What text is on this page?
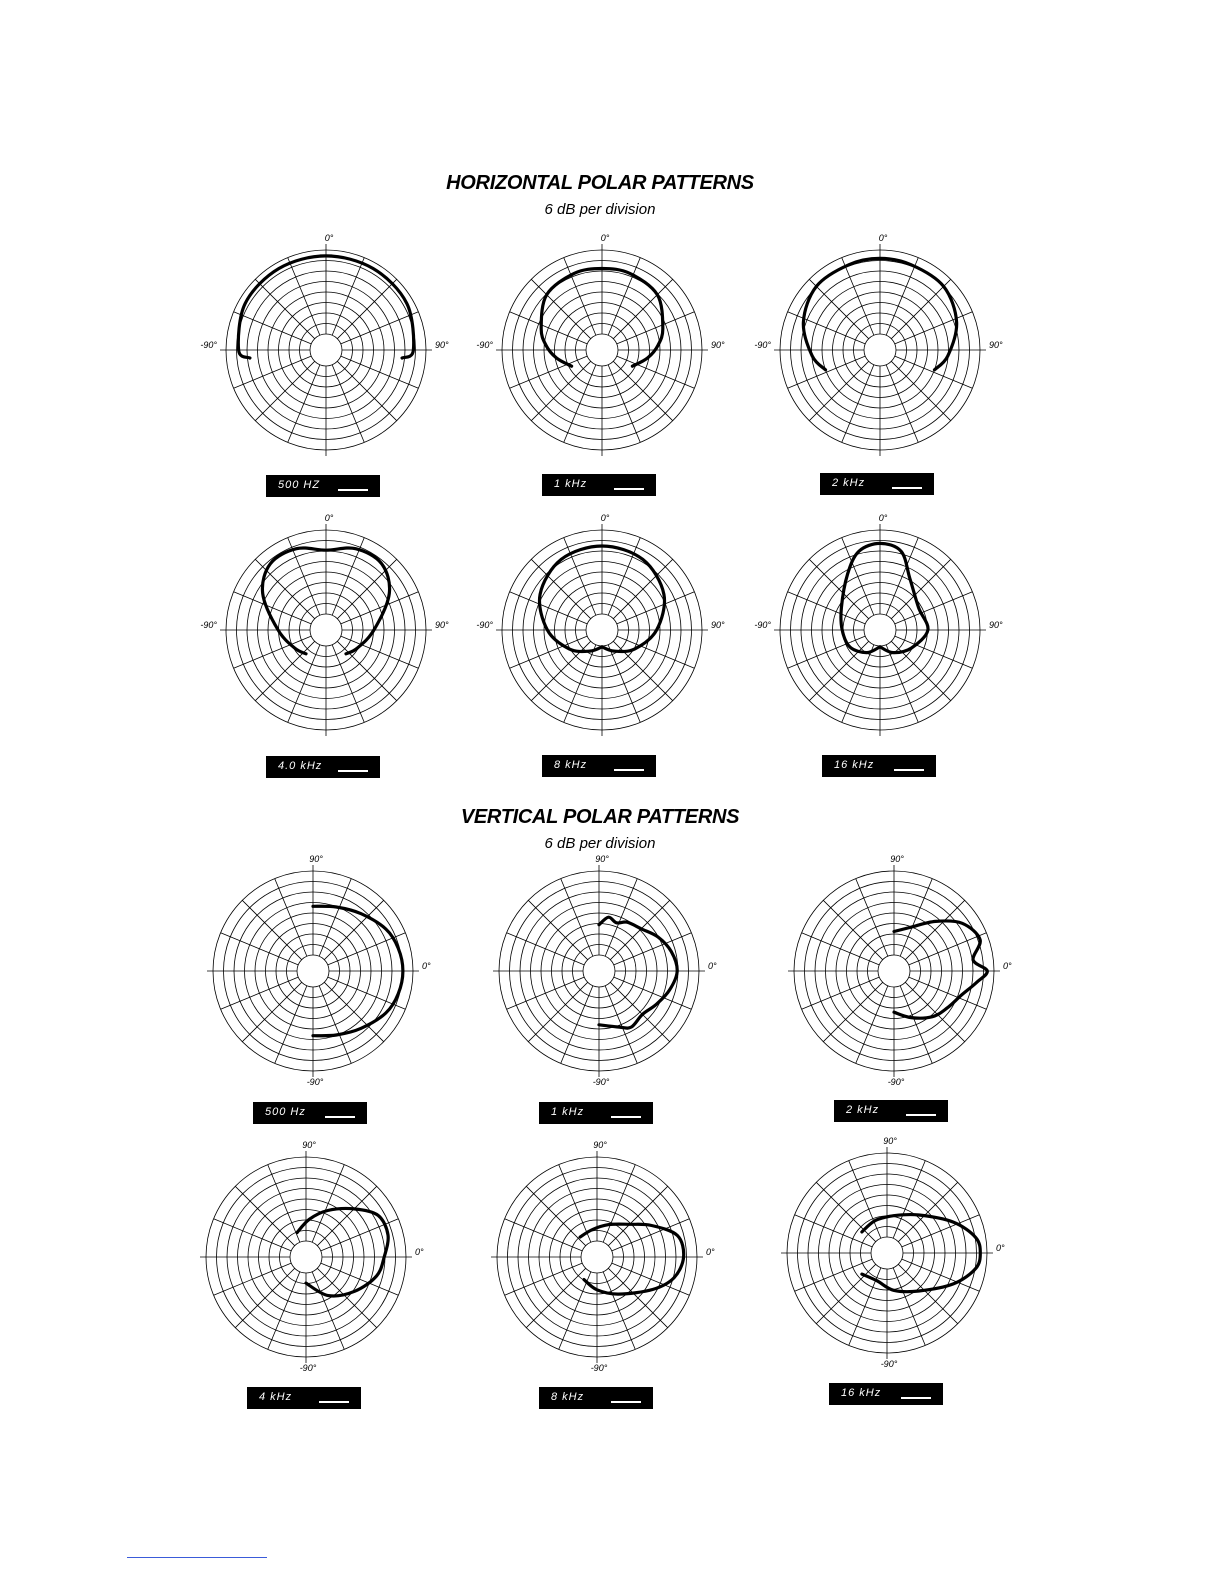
HORIZONTAL POLAR PATTERNS

6 dB per division

VERTICAL POLAR PATTERNS

6 dB per division

0°
-90°	90°
0°
-90°	90°
0°
-90°	90°
500 HZ	1 kHz	2 kHz
0°
-90°	90°
0°
-90°	90°
0°
-90°	90°
4.0 kHz	8 kHz	16 kHz
90°
0°
-90°
90°
0°
-90°
90°
0°
-90°
500 Hz	1 kHz	2 kHz
90°
0°
-90°
90°
0°
-90°
90°
0°
-90°
4 kHz	8 kHz	16 kHz
